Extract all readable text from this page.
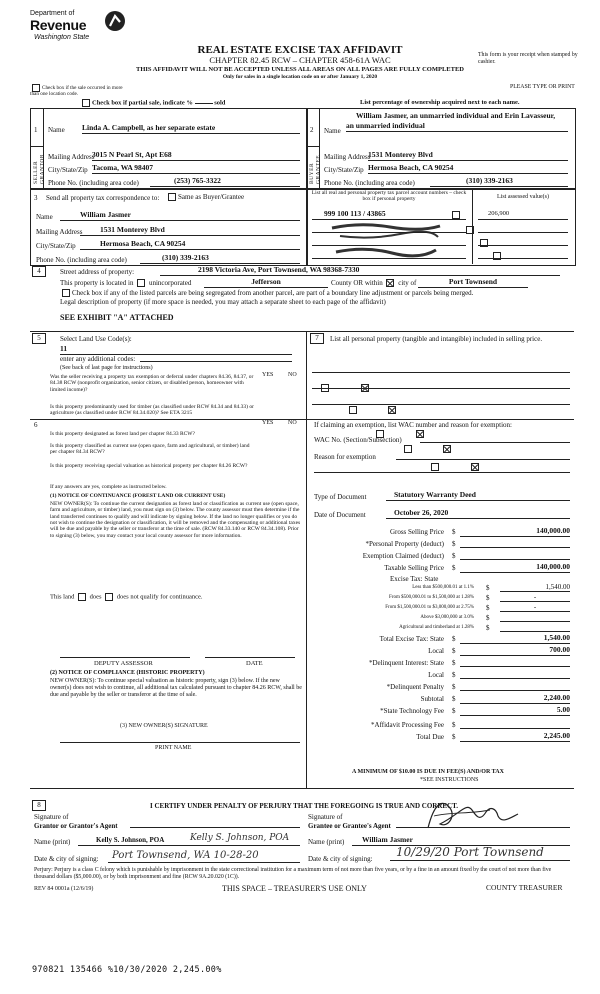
Department of
Revenue
Washington State
REAL ESTATE EXCISE TAX AFFIDAVIT
CHAPTER 82.45 RCW – CHAPTER 458-61A WAC
THIS AFFIDAVIT WILL NOT BE ACCEPTED UNLESS ALL AREAS ON ALL PAGES ARE FULLY COMPLETED
Only for sales in a single location code on or after January 1, 2020
This form is your receipt when stamped by cashier.
PLEASE TYPE OR PRINT
Check box if the sale occurred in more than one location code.
Check box if partial sale, indicate %	sold	List percentage of ownership acquired next to each name.
1
SELLER GRANTOR
Name Linda A. Campbell, as her separate estate
Mailing Address
3015 N Pearl St, Apt E68
City/State/Zip Tacoma, WA 98407
Phone No. (including area code)	(253) 765-3322
2
BUYER GRANTEE
William Jasmer, an unmarried individual and Erin Lavasseur,
Name
an unmarried individual
Mailing Address
1531 Monterey Blvd
City/State/Zip Hermosa Beach, CA 90254
Phone No. (including area code)	(310) 339-2163
3 Send all property tax correspondence to:	Same as Buyer/Grantee
Name	William Jasmer
Mailing Address	1531 Monterey Blvd
City/State/Zip	Hermosa Beach, CA 90254
Phone No. (including area code)	(310) 339-2163
List all real and personal property tax parcel account numbers – check box if personal property	List assessed value(s)
999 100 113 / 43865
	206,900

4	Street address of property:	2198 Victoria Ave, Port Townsend, WA 98368-7330
This property is located in unincorporated	Jefferson	County OR within city of	Port Townsend
Check box if any of the listed parcels are being segregated from another parcel, are part of a boundary line adjustment or parcels being merged.
Legal description of property (if more space is needed, you may attach a separate sheet to each page of the affidavit)
SEE EXHIBIT "A" ATTACHED
5	Select Land Use Code(s):
11
enter any additional codes:
(See back of last page for instructions)
YES NO
Was the seller receiving a property tax exemption or deferral under chapters 84.36, 84.37, or 84.38 RCW (nonprofit organization, senior citizen, or disabled person, homeowner with limited income)?

Is this property predominantly used for timber (as classified under RCW 84.34 and 84.33) or agriculture (as classified under RCW 84.34.020)? See ETA 3215

7	List all personal property (tangible and intangible) included in selling price.
6	YES NO
Is this property designated as forest land per chapter 84.33 RCW?

Is this property classified as current use (open space, farm and agricultural, or timber) land per chapter 84.34 RCW?

Is this property receiving special valuation as historical property per chapter 84.26 RCW?

If any answers are yes, complete as instructed below.
(1) NOTICE OF CONTINUANCE (FOREST LAND OR CURRENT USE)
NEW OWNER(S): To continue the current designation as forest land or classification as current use (open space, farm and agriculture, or timber) land, you must sign on (3) below. The county assessor must then determine if the land transferred continues to qualify and will indicate by signing below. If the land no longer qualifies or you do not wish to continue the designation or classification, it will be removed and the compensating or additional taxes will be due and payable by the seller or transferor at the time of sale. (RCW 84.33.140 or RCW 84.34.108). Prior to signing (3) below, you may contact your local county assessor for more information.
This land does does not qualify for continuance.
DEPUTY ASSESSOR	DATE
(2) NOTICE OF COMPLIANCE (HISTORIC PROPERTY)
NEW OWNER(S): To continue special valuation as historic property, sign (3) below. If the new owner(s) does not wish to continue, all additional tax calculated pursuant to chapter 84.26 RCW, shall be due and payable by the seller or transferor at the time of sale.
(3) NEW OWNER(S) SIGNATURE
PRINT NAME
If claiming an exemption, list WAC number and reason for exemption:
WAC No. (Section/Subsection)
Reason for exemption
Type of Document	Statutory Warranty Deed
Date of Document	October 26, 2020
Gross Selling Price $	140,000.00
*Personal Property (deduct) $
Exemption Claimed (deduct) $
Taxable Selling Price $	140,000.00
Excise Tax: State
Less than $500,000.01 at 1.1% $	1,540.00
From $500,000.01 to $1,500,000 at 1.28% $	-
From $1,500,000.01 to $3,000,000 at 2.75% $	-
Above $3,000,000 at 3.0% $
Agricultural and timberland at 1.28% $
Total Excise Tax: State $	1,540.00
Local $	700.00
*Delinquent Interest: State $
Local $
*Delinquent Penalty $
Subtotal $	2,240.00
*State Technology Fee $	5.00
*Affidavit Processing Fee $
Total Due $	2,245.00
A MINIMUM OF $10.00 IS DUE IN FEE(S) AND/OR TAX
*SEE INSTRUCTIONS
8	I CERTIFY UNDER PENALTY OF PERJURY THAT THE FOREGOING IS TRUE AND CORRECT.
Signature of
Grantor or Grantor's Agent
Signature of
Grantee or Grantee's Agent
Name (print)	Kelly S. Johnson, POA	Kelly S. Johnson, POA	Name (print)	William Jasmer
Date & city of signing:	Port Townsend, WA 10-28-20	Date & city of signing:	10/29/20 Port Townsend
Perjury: Perjury is a class C felony which is punishable by imprisonment in the state correctional institution for a maximum term of not more than five years, or by a fine in an amount fixed by the court of not more than five thousand dollars ($5,000.00), or by both imprisonment and fine (RCW 9A.20.020 (1C)).
REV 84 0001a (12/6/19)	THIS SPACE – TREASURER'S USE ONLY	COUNTY TREASURER
970821 135466 %10/30/2020 2,245.00%
